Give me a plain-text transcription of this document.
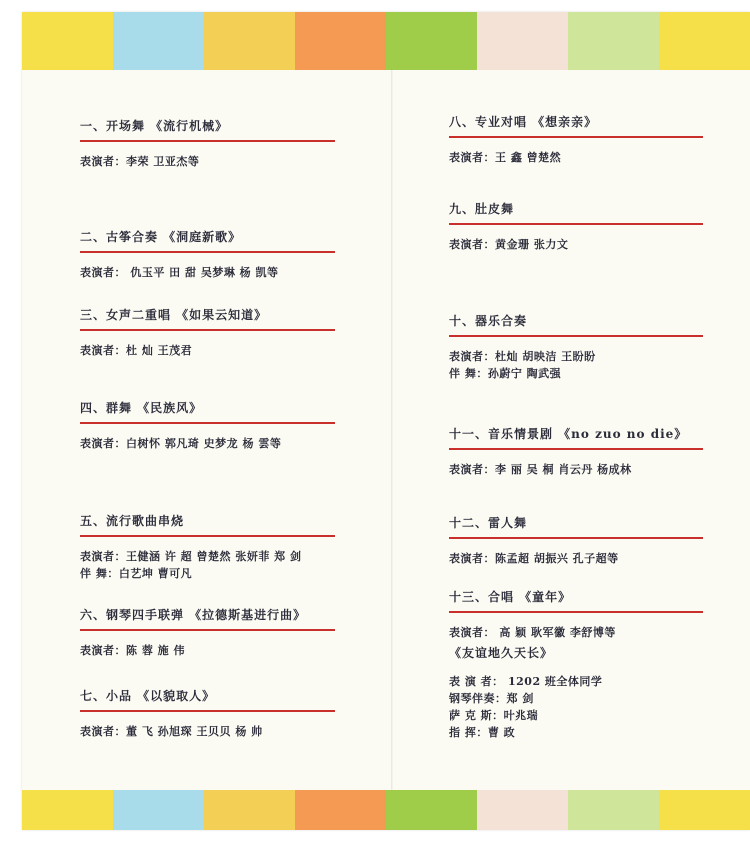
一、开场舞 《流行机械》
表演者：李荣 卫亚杰等
二、古筝合奏 《洞庭新歌》
表演者： 仇玉平 田 甜 吴梦琳 杨 凯等
三、女声二重唱 《如果云知道》
表演者：杜 灿 王茂君
四、群舞 《民族风》
表演者：白树怀 郭凡琦 史梦龙 杨 雲等
五、流行歌曲串烧
表演者：王健涵 许 超 曾楚然 张妍菲 郑 剑
伴 舞：白艺坤 曹可凡
六、钢琴四手联弹 《拉德斯基进行曲》
表演者：陈 蓉 施 伟
七、小品 《以貌取人》
表演者：董 飞 孙旭琛 王贝贝 杨 帅
八、专业对唱 《想亲亲》
表演者：王 鑫 曾楚然
九、肚皮舞
表演者：黄金珊 张力文
十、器乐合奏
表演者：杜灿 胡映洁 王盼盼
伴 舞：孙蔚宁 陶武强
十一、音乐情景剧 《no zuo no die》
表演者：李 丽 吴 桐 肖云丹 杨成林
十二、雷人舞
表演者：陈孟超 胡振兴 孔子超等
十三、合唱 《童年》
表演者： 高 颖 耿军徽 李舒博等
《友谊地久天长》
表 演 者： 1202 班全体同学
钢琴伴奏：郑 剑
萨 克 斯：叶兆瑞
指 挥：曹 政
